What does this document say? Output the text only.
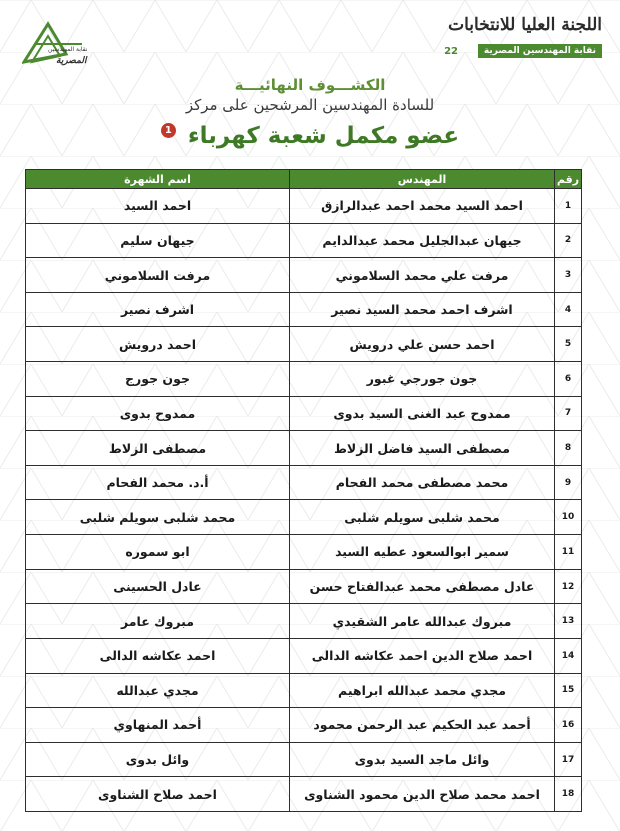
نقابة المهندسين
المصرية
اللجنة العليا للانتخابات
نقابة المهندسين المصرية
22
الكشـــوف النهائيـــة
للسادة المهندسين المرشحين على مركز
عضو مكمل شعبة كهرباء 1
رقم	المهندس	اسم الشهرة
1	احمد السيد محمد احمد عبدالرازق	احمد السيد
2	جيهان عبدالجليل محمد عبدالدايم	جيهان سليم
3	مرفت علي محمد السلاموني	مرفت السلاموني
4	اشرف احمد محمد السيد نصير	اشرف نصير
5	احمد حسن علي درويش	احمد درويش
6	جون جورجي غبور	جون جورج
7	ممدوح عبد الغنى السيد بدوى	ممدوح بدوى
8	مصطفى السيد فاضل الزلاط	مصطفى الزلاط
9	محمد مصطفى محمد الفحام	أ.د. محمد الفحام
10	محمد شلبى سويلم شلبى	محمد شلبى سويلم شلبى
11	سمير ابوالسعود عطيه السيد	ابو سموره
12	عادل مصطفى محمد عبدالفتاح حسن	عادل الحسينى
13	مبروك عبدالله عامر الشقيدي	مبروك عامر
14	احمد صلاح الدين احمد عكاشه الدالى	احمد عكاشه الدالى
15	مجدي محمد عبدالله ابراهيم	مجدي عبدالله
16	أحمد عبد الحكيم عبد الرحمن محمود	أحمد المنهاوي
17	وائل ماجد السيد بدوى	وائل بدوى
18	احمد محمد صلاح الدين محمود الشناوى	احمد صلاح الشناوى
